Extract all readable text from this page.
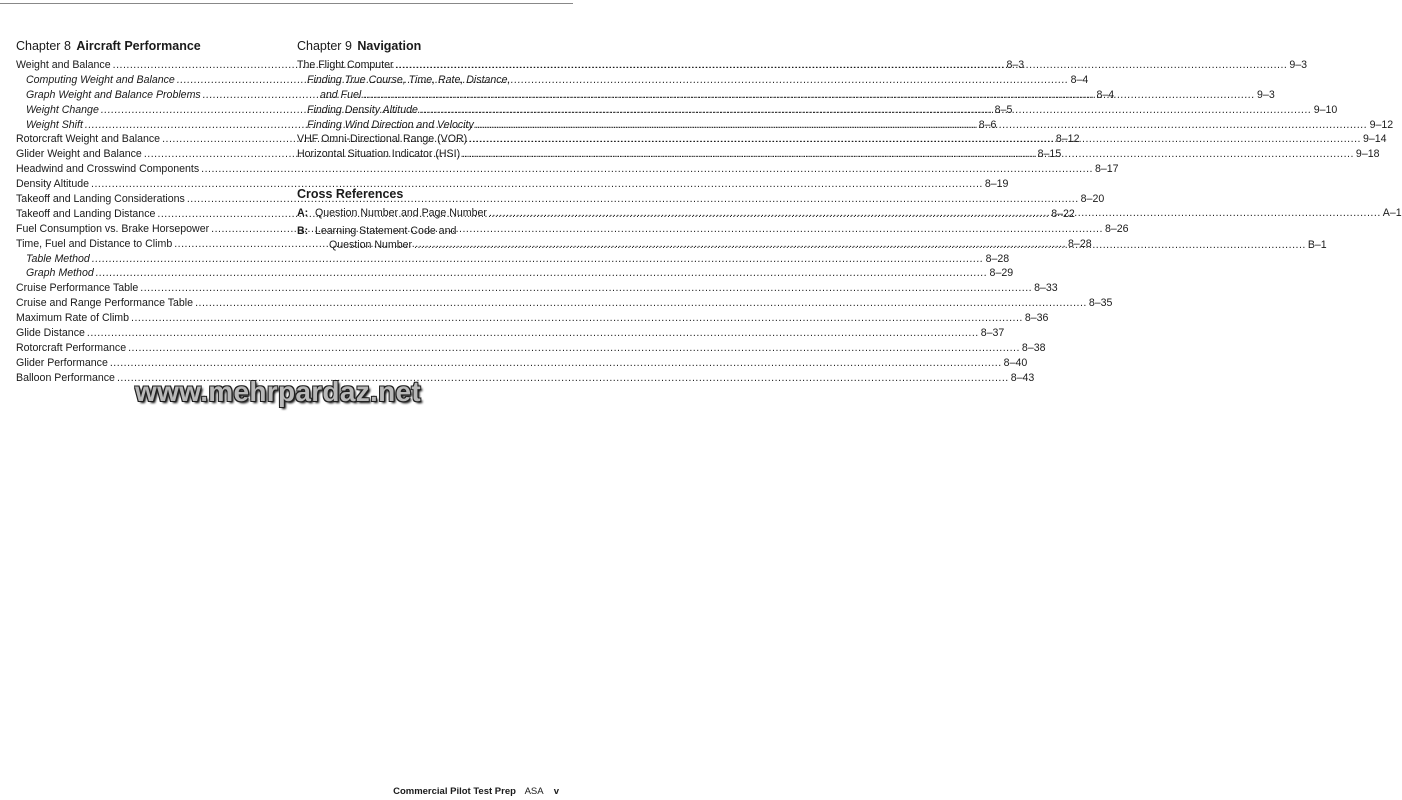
Chapter 8 Aircraft Performance
Weight and Balance .....	8–3
Computing Weight and Balance .....	8–4
Graph Weight and Balance Problems .....	8–4
Weight Change .....	8–5
Weight Shift .....	8–6
Rotorcraft Weight and Balance .....	8–12
Glider Weight and Balance .....	8–15
Headwind and Crosswind Components .....	8–17
Density Altitude .....	8–19
Takeoff and Landing Considerations .....	8–20
Takeoff and Landing Distance .....	8–22
Fuel Consumption vs. Brake Horsepower .....	8–26
Time, Fuel and Distance to Climb .....	8–28
Table Method .....	8–28
Graph Method .....	8–29
Cruise Performance Table .....	8–33
Cruise and Range Performance Table .....	8–35
Maximum Rate of Climb .....	8–36
Glide Distance .....	8–37
Rotorcraft Performance .....	8–38
Glider Performance .....	8–40
Balloon Performance .....	8–43
Chapter 9 Navigation
The Flight Computer .....	9–3
Finding True Course, Time, Rate, Distance,
and Fuel .....	9–3
Finding Density Altitude .....	9–10
Finding Wind Direction and Velocity .....	9–12
VHF Omni-Directional Range (VOR) .....	9–14
Horizontal Situation Indicator (HSI) .....	9–18
Cross References
A: Question Number and Page Number .....	A–1
B: Learning Statement Code and
Question Number .....	B–1
www.mehrpardaz.net
Commercial Pilot Test Prep ASA v
